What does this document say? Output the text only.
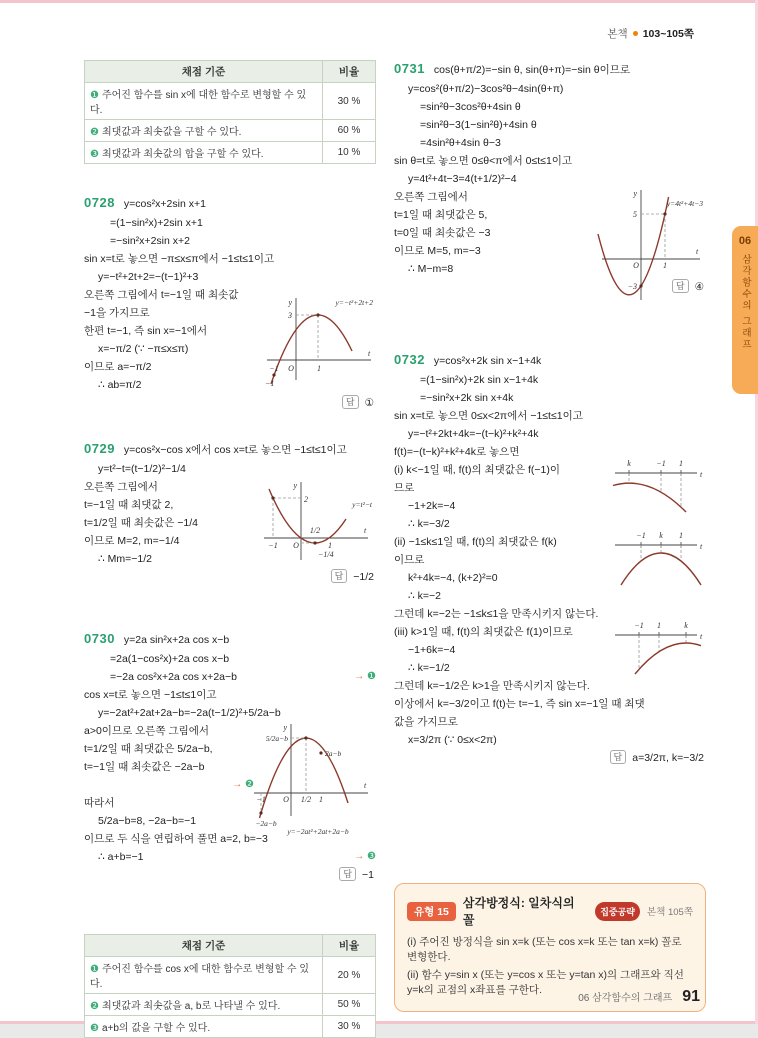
본책 103~105쪽
06
삼각함수의 그래프
채점 기준	비율
❶ 주어진 함수를 sin x에 대한 함수로 변형할 수 있다.	30 %
❷ 최댓값과 최솟값을 구할 수 있다.	60 %
❸ 최댓값과 최솟값의 합을 구할 수 있다.	10 %
0728 y=cos²x+2sin x+1
=(1−sin²x)+2sin x+1
=−sin²x+2sin x+2
sin x=t로 놓으면 −π≤x≤π에서 −1≤t≤1이고
y=−t²+2t+2=−(t−1)²+3
오른쪽 그림에서 t=−1일 때 최솟값
−1을 가지므로
한편 t=−1, 즉 sin x=−1에서
x=−π/2 (∵ −π≤x≤π)
이므로 a=−π/2
∴ ab=π/2
답 ①
y=−t²+2t+2
y
3
−1 O	1
t
−1
0729 y=cos²x−cos x에서 cos x=t로 놓으면 −1≤t≤1이고
y=t²−t=(t−1/2)²−1/4
오른쪽 그림에서
t=−1일 때 최댓값 2,
t=1/2일 때 최솟값은 −1/4
이므로 M=2, m=−1/4
∴ Mm=−1/2
답 −1/2
y=t²−t
y
2
−1 O
1/2
1
t
−1/4
0730 y=2a sin²x+2a cos x−b
=2a(1−cos²x)+2a cos x−b
→ ❶
=−2a cos²x+2a cos x+2a−b
cos x=t로 놓으면 −1≤t≤1이고
y=−2at²+2at+2a−b=−2a(t−1/2)²+5/2a−b
a>0이므로 오른쪽 그림에서
t=1/2일 때 최댓값은 5/2a−b,
t=−1일 때 최솟값은 −2a−b
→ ❷
따라서
5/2a−b=8, −2a−b=−1
이므로 두 식을 연립하여 풀면 a=2, b=−3
→ ❸
∴ a+b=−1
답 −1
y
5/2a−b
−1 O 1/2 1
2a−b
−2a−b
t
y=−2at²+2at+2a−b
채점 기준	비율
❶ 주어진 함수를 cos x에 대한 함수로 변형할 수 있다.	20 %
❷ 최댓값과 최솟값을 a, b로 나타낼 수 있다.	50 %
❸ a+b의 값을 구할 수 있다.	30 %
0731 cos(θ+π/2)=−sin θ, sin(θ+π)=−sin θ이므로
y=cos²(θ+π/2)−3cos²θ−4sin(θ+π)
=sin²θ−3cos²θ+4sin θ
=sin²θ−3(1−sin²θ)+4sin θ
=4sin²θ+4sin θ−3
sin θ=t로 놓으면 0≤θ<π에서 0≤t≤1이고
y=4t²+4t−3=4(t+1/2)²−4
오른쪽 그림에서
t=1일 때 최댓값은 5,
t=0일 때 최솟값은 −3
이므로 M=5, m=−3
∴ M−m=8
답 ④
y=4t²+4t−3
y
5
O	1
−3
t
0732 y=cos²x+2k sin x−1+4k
=(1−sin²x)+2k sin x−1+4k
=−sin²x+2k sin x+4k
sin x=t로 놓으면 0≤x<2π에서 −1≤t≤1이고
y=−t²+2kt+4k=−(t−k)²+k²+4k
f(t)=−(t−k)²+k²+4k로 놓으면
(i) k<−1일 때, f(t)의 최댓값은 f(−1)이
므로
−1+2k=−4
∴ k=−3/2
(ii) −1≤k≤1일 때, f(t)의 최댓값은 f(k)
이므로
k²+4k=−4, (k+2)²=0
∴ k=−2
그런데 k=−2는 −1≤k≤1을 만족시키지 않는다.
(iii) k>1일 때, f(t)의 최댓값은 f(1)이므로
−1+6k=−4
∴ k=−1/2
그런데 k=−1/2은 k>1을 만족시키지 않는다.
이상에서 k=−3/2이고 f(t)는 t=−1, 즉 sin x=−1일 때 최댓
값을 가지므로
x=3/2π (∵ 0≤x<2π)
답 a=3/2π, k=−3/2
k	−1 1
t
−1 k 1
t
−1 1	k
t
유형 15
삼각방정식: 일차식의 꼴
집중공략	본책 105쪽
(i) 주어진 방정식을 sin x=k (또는 cos x=k 또는 tan x=k) 꼴로 변형한다.
(ii) 함수 y=sin x (또는 y=cos x 또는 y=tan x)의 그래프와 직선 y=k의 교점의 x좌표를 구한다.
06 삼각함수의 그래프 91
